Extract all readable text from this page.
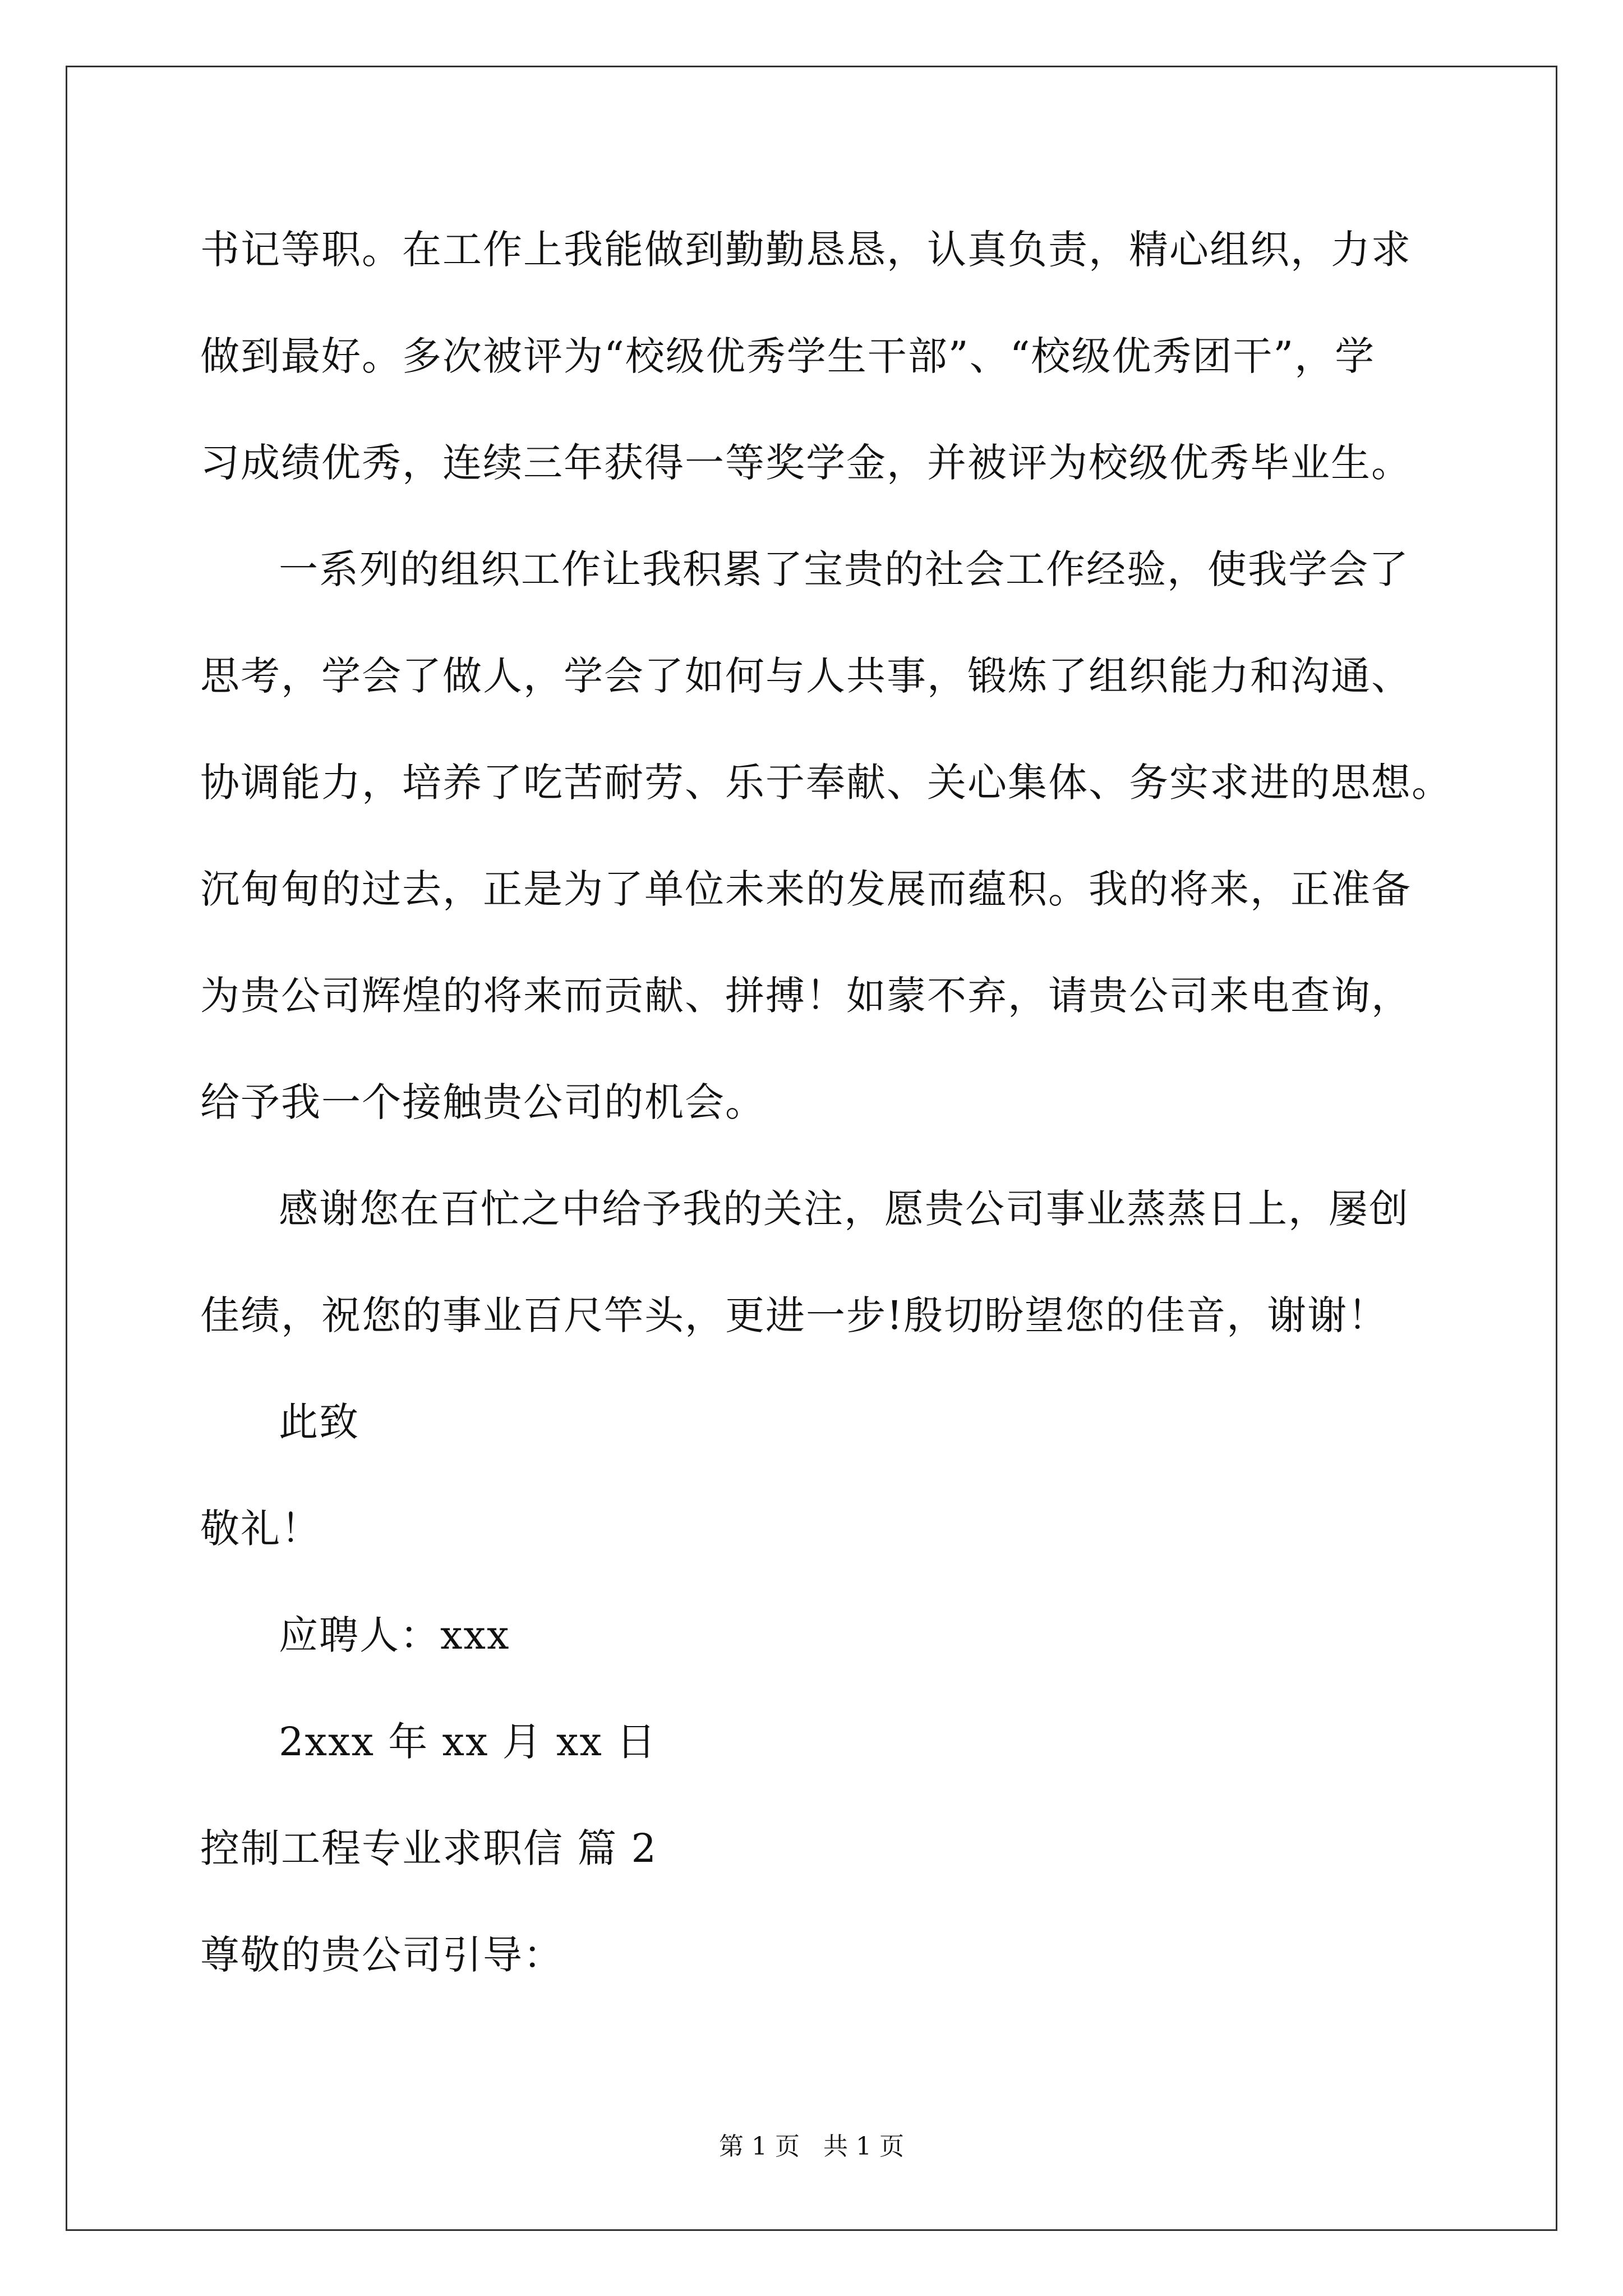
书记等职。在工作上我能做到勤勤恳恳，认真负责，精心组织，力求
做到最好。多次被评为“校级优秀学生干部”、“校级优秀团干”，学
习成绩优秀，连续三年获得一等奖学金，并被评为校级优秀毕业生。
一系列的组织工作让我积累了宝贵的社会工作经验，使我学会了
思考，学会了做人，学会了如何与人共事，锻炼了组织能力和沟通、
协调能力，培养了吃苦耐劳、乐于奉献、关心集体、务实求进的思想。
沉甸甸的过去，正是为了单位未来的发展而蕴积。我的将来，正准备
为贵公司辉煌的将来而贡献、拼搏！如蒙不弃，请贵公司来电查询，
给予我一个接触贵公司的机会。
感谢您在百忙之中给予我的关注，愿贵公司事业蒸蒸日上，屡创
佳绩，祝您的事业百尺竿头，更进一步!殷切盼望您的佳音，谢谢！
此致
敬礼！
应聘人：xxx
2xxx 年 xx 月 xx 日
控制工程专业求职信 篇 2
尊敬的贵公司引导：
第 1 页   共 1 页
